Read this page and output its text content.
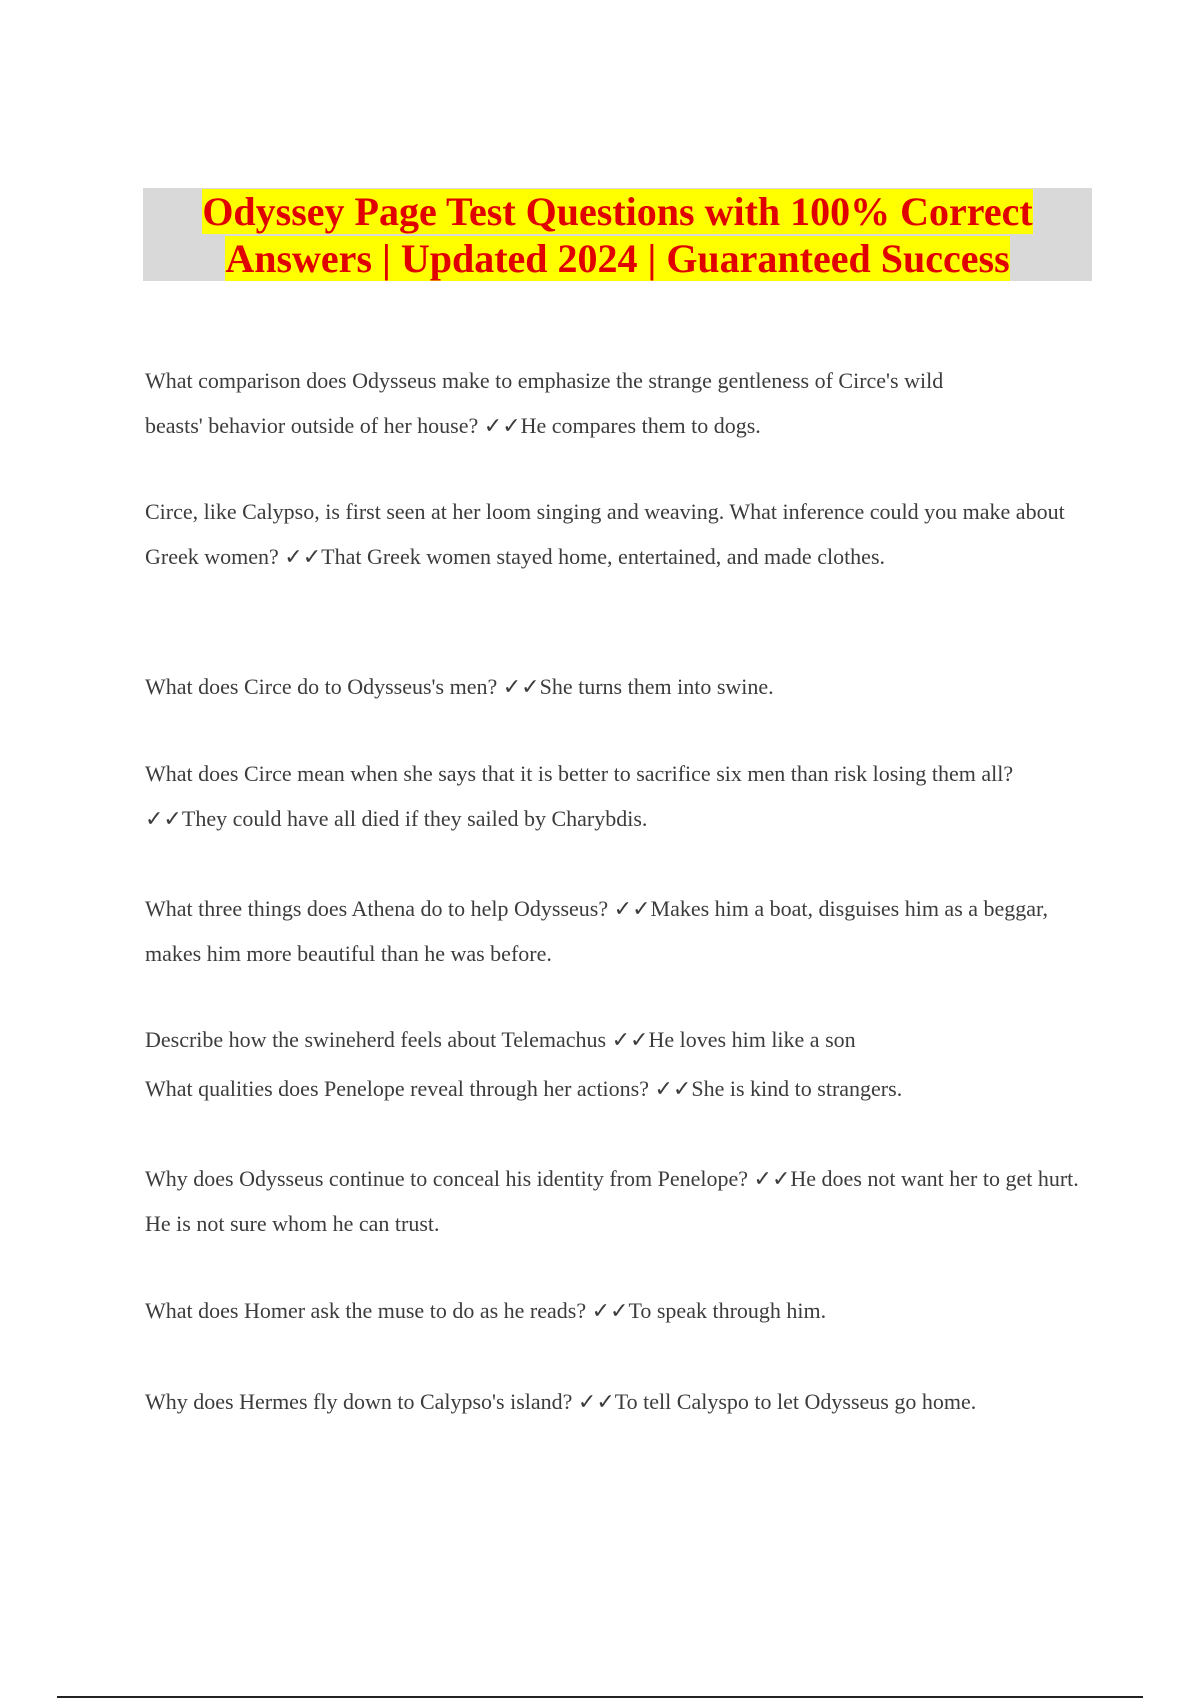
Odyssey Page Test Questions with 100% Correct Answers | Updated 2024 | Guaranteed Success

What comparison does Odysseus make to emphasize the strange gentleness of Circe's wild beasts' behavior outside of her house? ✓✓He compares them to dogs.

Circe, like Calypso, is first seen at her loom singing and weaving. What inference could you make about Greek women? ✓✓That Greek women stayed home, entertained, and made clothes.

What does Circe do to Odysseus's men? ✓✓She turns them into swine.

What does Circe mean when she says that it is better to sacrifice six men than risk losing them all? ✓✓They could have all died if they sailed by Charybdis.

What three things does Athena do to help Odysseus? ✓✓Makes him a boat, disguises him as a beggar, makes him more beautiful than he was before.

Describe how the swineherd feels about Telemachus ✓✓He loves him like a son

What qualities does Penelope reveal through her actions? ✓✓She is kind to strangers.

Why does Odysseus continue to conceal his identity from Penelope? ✓✓He does not want her to get hurt. He is not sure whom he can trust.

What does Homer ask the muse to do as he reads? ✓✓To speak through him.

Why does Hermes fly down to Calypso's island? ✓✓To tell Calyspo to let Odysseus go home.
